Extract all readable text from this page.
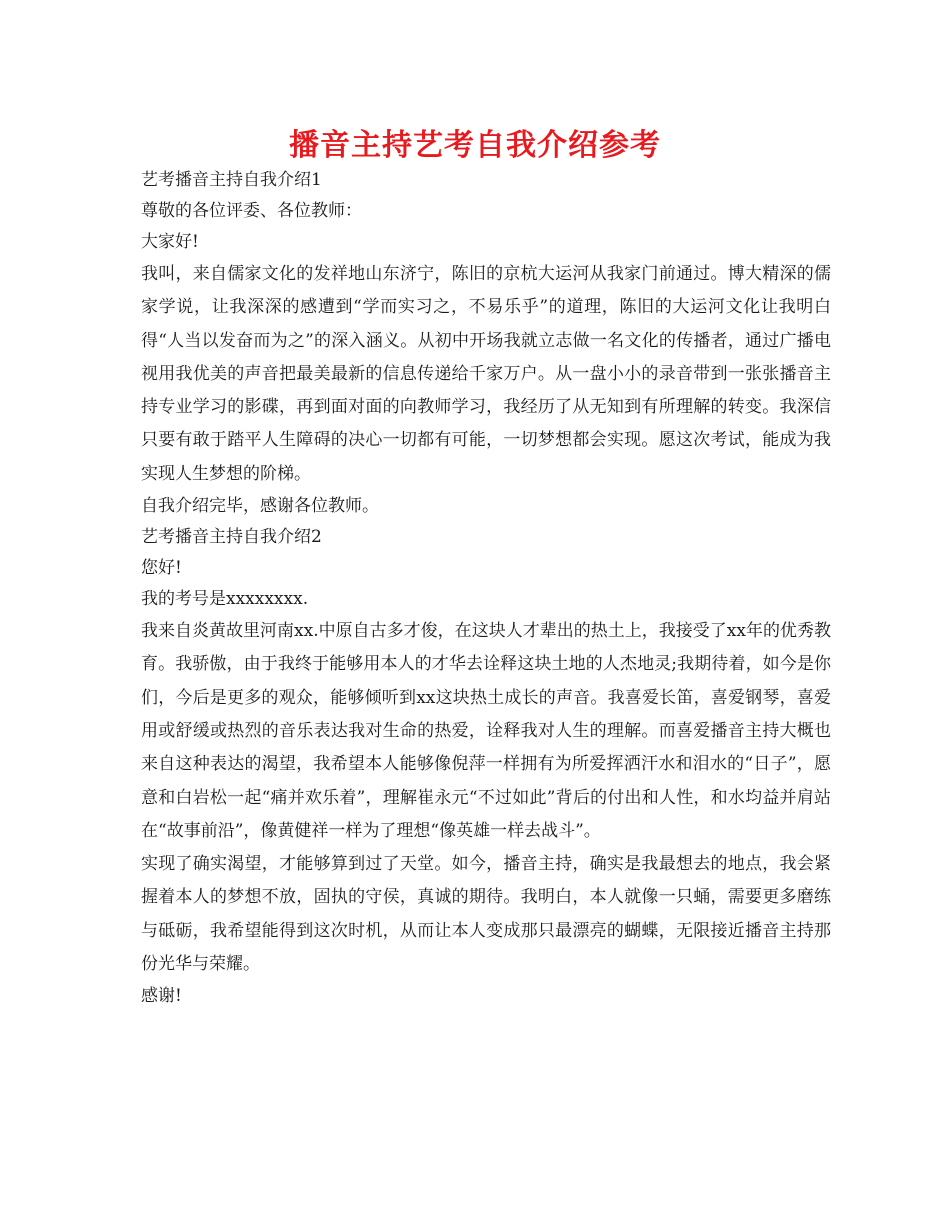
播音主持艺考自我介绍参考

艺考播音主持自我介绍1

尊敬的各位评委、各位教师：

大家好!

我叫，来自儒家文化的发祥地山东济宁，陈旧的京杭大运河从我家门前通过。博大精深的儒家学说，让我深深的感遭到“学而实习之，不易乐乎”的道理，陈旧的大运河文化让我明白得“人当以发奋而为之”的深入涵义。从初中开场我就立志做一名文化的传播者，通过广播电视用我优美的声音把最美最新的信息传递给千家万户。从一盘小小的录音带到一张张播音主持专业学习的影碟，再到面对面的向教师学习，我经历了从无知到有所理解的转变。我深信只要有敢于踏平人生障碍的决心一切都有可能，一切梦想都会实现。愿这次考试，能成为我实现人生梦想的阶梯。

自我介绍完毕，感谢各位教师。

艺考播音主持自我介绍2

您好!

我的考号是xxxxxxxx.

我来自炎黄故里河南xx.中原自古多才俊，在这块人才辈出的热土上，我接受了xx年的优秀教育。我骄傲，由于我终于能够用本人的才华去诠释这块土地的人杰地灵;我期待着，如今是你们，今后是更多的观众，能够倾听到xx这块热土成长的声音。我喜爱长笛，喜爱钢琴，喜爱用或舒缓或热烈的音乐表达我对生命的热爱，诠释我对人生的理解。而喜爱播音主持大概也来自这种表达的渴望，我希望本人能够像倪萍一样拥有为所爱挥洒汗水和泪水的“日子”，愿意和白岩松一起“痛并欢乐着”，理解崔永元“不过如此”背后的付出和人性，和水均益并肩站在“故事前沿”，像黄健祥一样为了理想“像英雄一样去战斗”。

实现了确实渴望，才能够算到过了天堂。如今，播音主持，确实是我最想去的地点，我会紧握着本人的梦想不放，固执的守侯，真诚的期待。我明白，本人就像一只蛹，需要更多磨练与砥砺，我希望能得到这次时机，从而让本人变成那只最漂亮的蝴蝶，无限接近播音主持那份光华与荣耀。

感谢!
